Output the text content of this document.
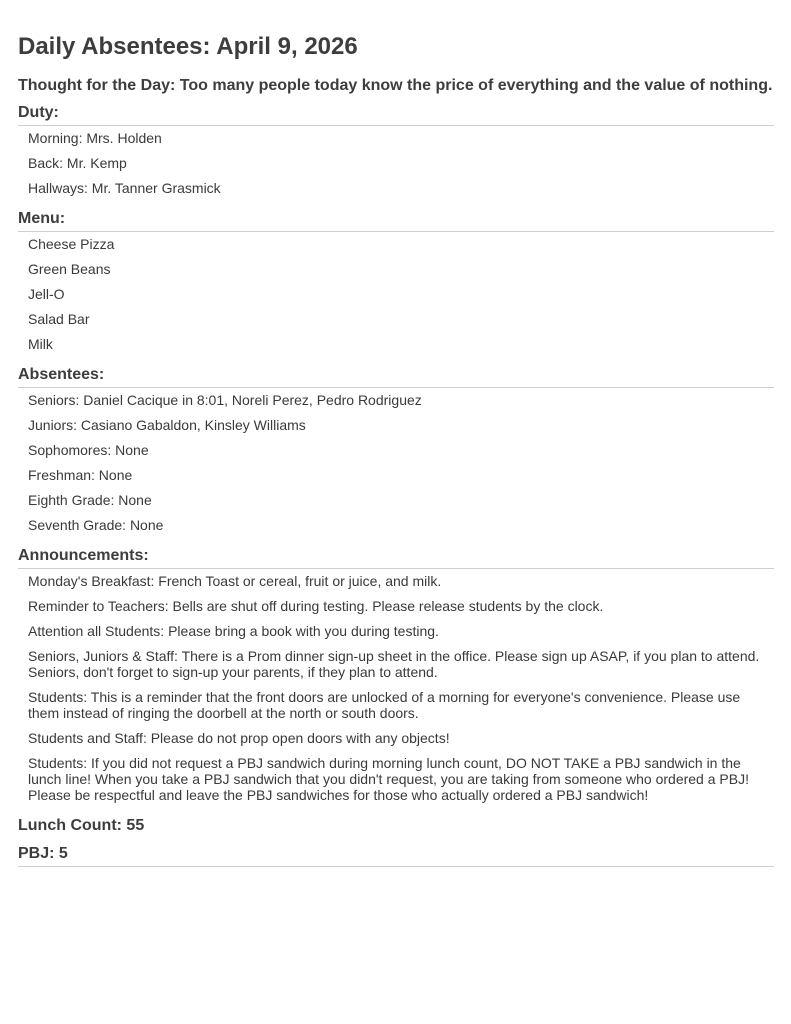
Daily Absentees: April 9, 2026
Thought for the Day: Too many people today know the price of everything and the value of nothing.
Duty:
Morning: Mrs. Holden
Back: Mr. Kemp
Hallways: Mr. Tanner Grasmick
Menu:
Cheese Pizza
Green Beans
Jell-O
Salad Bar
Milk
Absentees:
Seniors: Daniel Cacique in 8:01, Noreli Perez, Pedro Rodriguez
Juniors: Casiano Gabaldon, Kinsley Williams
Sophomores: None
Freshman: None
Eighth Grade: None
Seventh Grade: None
Announcements:
Monday's Breakfast: French Toast or cereal, fruit or juice, and milk.
Reminder to Teachers: Bells are shut off during testing. Please release students by the clock.
Attention all Students: Please bring a book with you during testing.
Seniors, Juniors & Staff: There is a Prom dinner sign-up sheet in the office. Please sign up ASAP, if you plan to attend. Seniors, don't forget to sign-up your parents, if they plan to attend.
Students: This is a reminder that the front doors are unlocked of a morning for everyone's convenience. Please use them instead of ringing the doorbell at the north or south doors.
Students and Staff: Please do not prop open doors with any objects!
Students: If you did not request a PBJ sandwich during morning lunch count, DO NOT TAKE a PBJ sandwich in the lunch line! When you take a PBJ sandwich that you didn't request, you are taking from someone who ordered a PBJ! Please be respectful and leave the PBJ sandwiches for those who actually ordered a PBJ sandwich!
Lunch Count: 55
PBJ: 5
